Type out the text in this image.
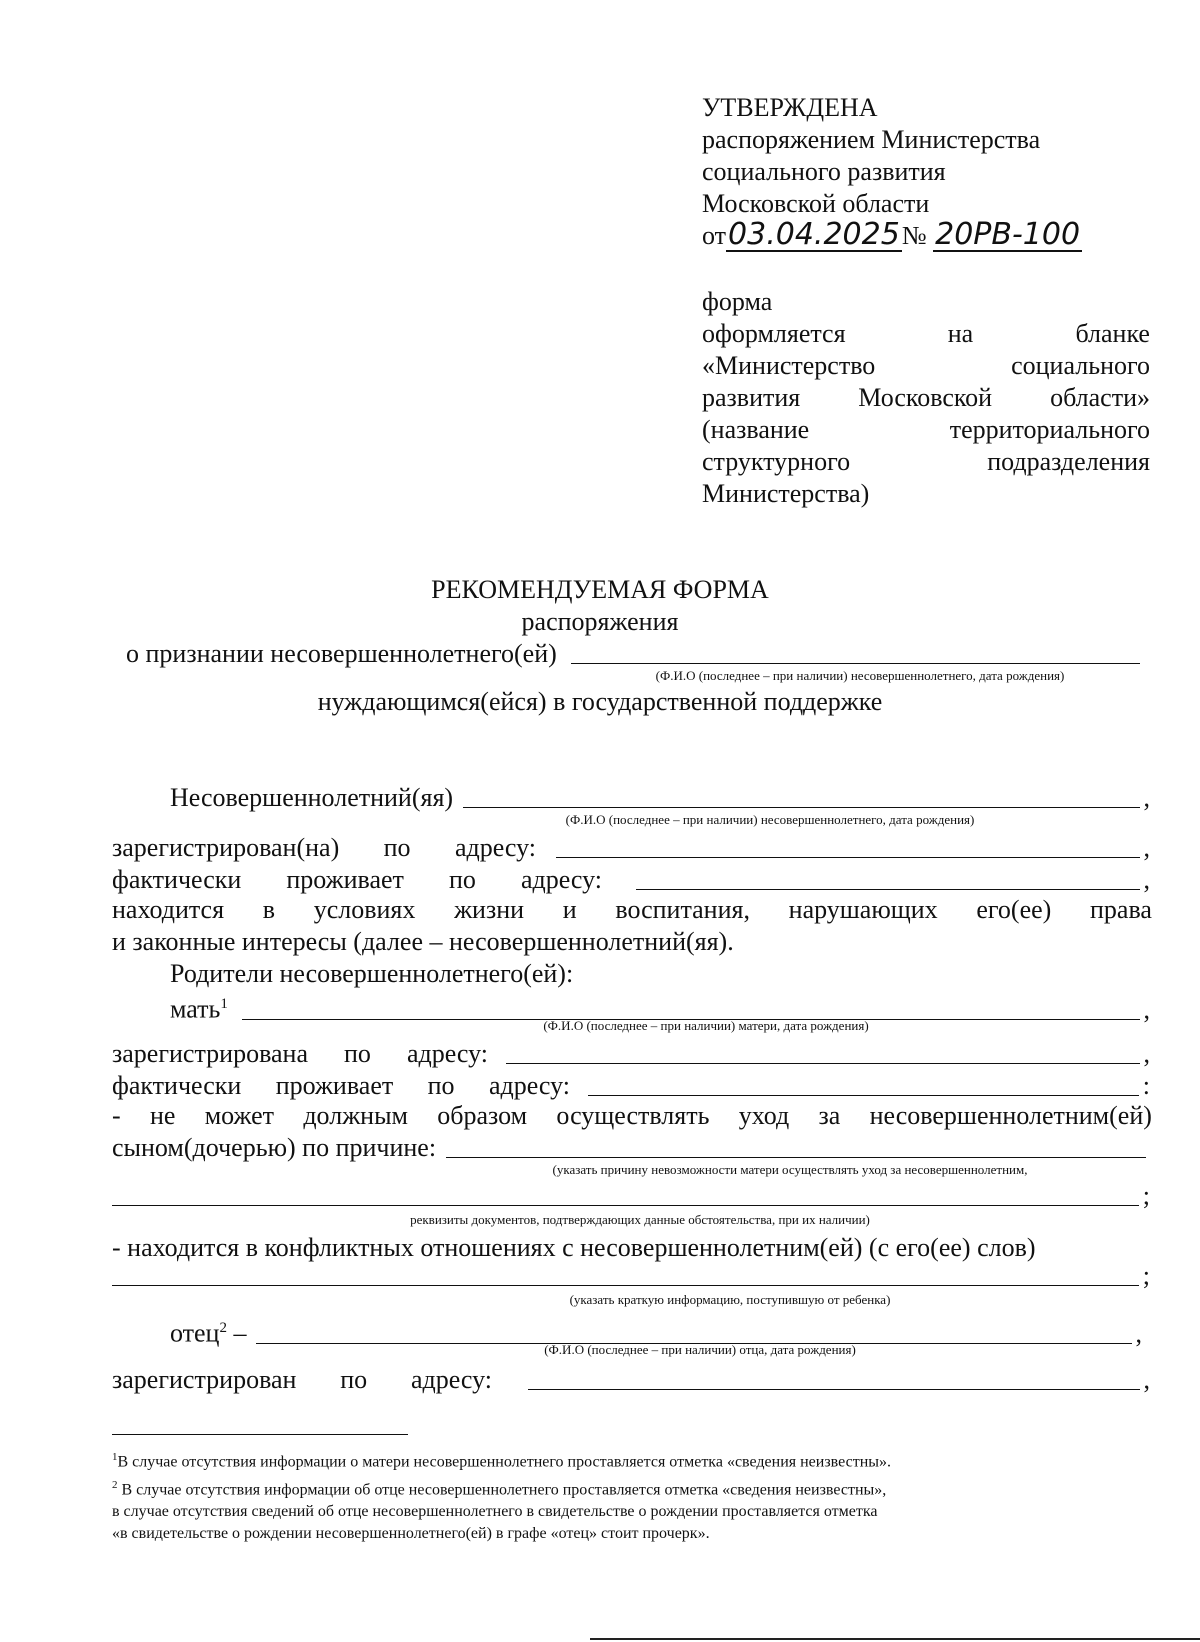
УТВЕРЖДЕНА
распоряжением Министерства
социального развития
Московской области
от03.04.2025№ 20РВ-100
форма
оформляется	на	бланке
«Министерство	социального
развития Московской области»
(название	территориального
структурного	подразделения
Министерства)
РЕКОМЕНДУЕМАЯ ФОРМА
распоряжения
о признании несовершеннолетнего(ей)
(Ф.И.О (последнее – при наличии) несовершеннолетнего, дата рождения)
нуждающимся(ейся) в государственной поддержке
Несовершеннолетний(яя)	,
(Ф.И.О (последнее – при наличии) несовершеннолетнего, дата рождения)
зарегистрирован(на) по адресу:	,
фактически проживает по адресу:	,
находится в условиях жизни и воспитания, нарушающих его(ее) права
и законные интересы (далее – несовершеннолетний(яя).
Родители несовершеннолетнего(ей):
мать$^1$	,
(Ф.И.О (последнее – при наличии) матери, дата рождения)
зарегистрирована по адресу:	,
фактически проживает по адресу:	:
- не может должным образом осуществлять уход за несовершеннолетним(ей)
сыном(дочерью) по причине:
(указать причину невозможности матери осуществлять уход за несовершеннолетним,
;
реквизиты документов, подтверждающих данные обстоятельства, при их наличии)
- находится в конфликтных отношениях с несовершеннолетним(ей) (с его(ее) слов)
;
(указать краткую информацию, поступившую от ребенка)
отец$^2$ –	,
(Ф.И.О (последнее – при наличии) отца, дата рождения)
зарегистрирован по адресу:	,
$^1$В случае отсутствия информации о матери несовершеннолетнего проставляется отметка «сведения неизвестны».
$^2$ В случае отсутствия информации об отце несовершеннолетнего проставляется отметка «сведения неизвестны»,
в случае отсутствия сведений об отце несовершеннолетнего в свидетельстве о рождении проставляется отметка
«в свидетельстве о рождении несовершеннолетнего(ей) в графе «отец» стоит прочерк».
